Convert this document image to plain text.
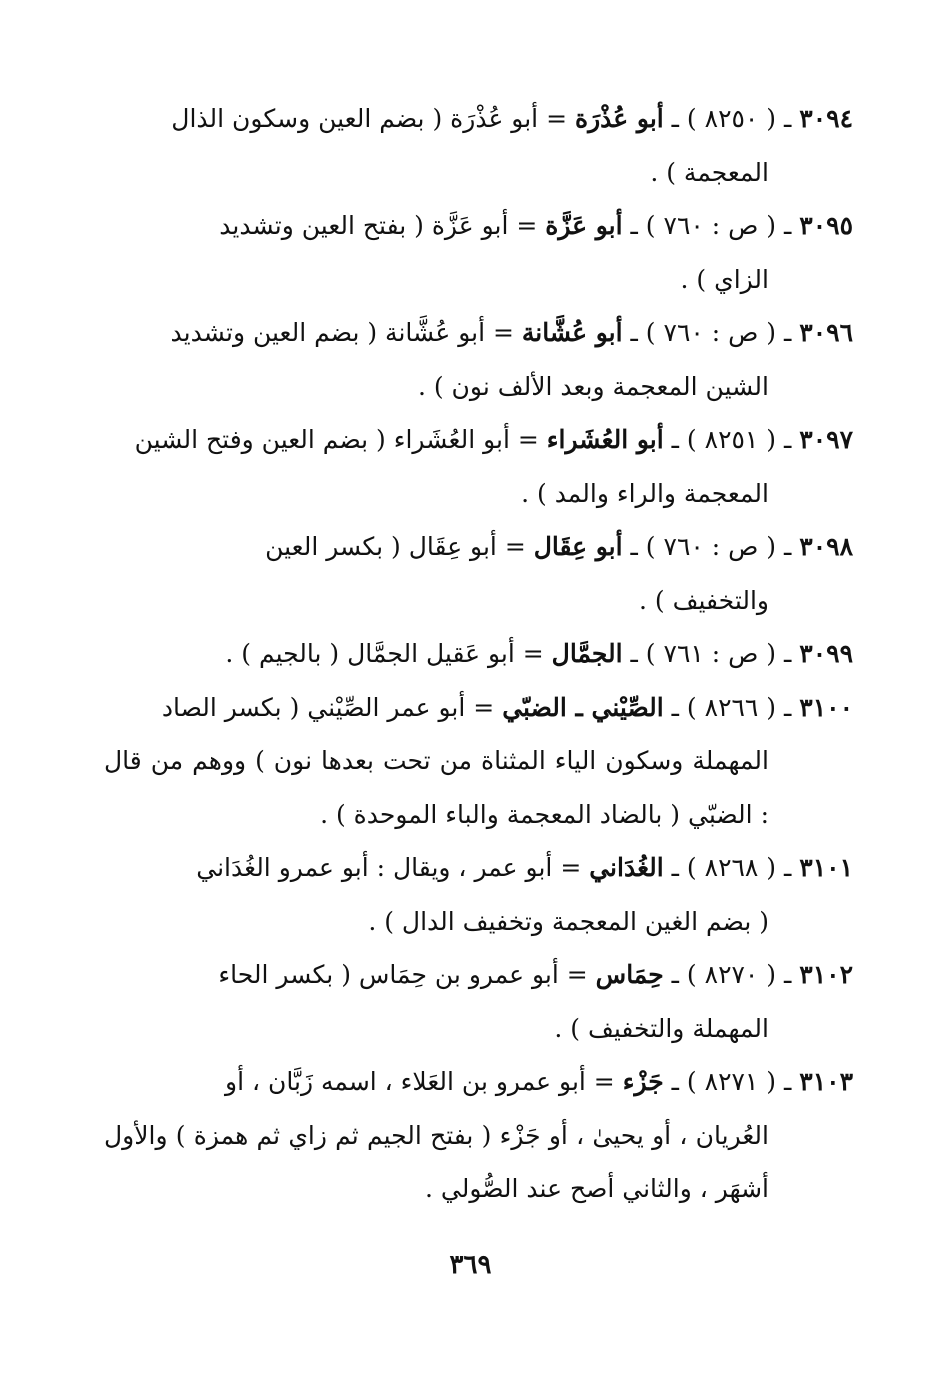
٣٠٩٤ ـ ( ٨٢٥٠ ) ـ أبو عُذْرَة = أبو عُذْرَة ( بضم العين وسكون الذال
المعجمة ) .
٣٠٩٥ ـ ( ص : ٧٦٠ ) ـ أبو عَزَّة = أبو عَزَّة ( بفتح العين وتشديد
الزاي ) .
٣٠٩٦ ـ ( ص : ٧٦٠ ) ـ أبو عُشَّانة = أبو عُشَّانة ( بضم العين وتشديد
الشين المعجمة وبعد الألف نون ) .
٣٠٩٧ ـ ( ٨٢٥١ ) ـ أبو العُشَراء = أبو العُشَراء ( بضم العين وفتح الشين
المعجمة والراء والمد ) .
٣٠٩٨ ـ ( ص : ٧٦٠ ) ـ أبو عِقَال = أبو عِقَال ( بكسر العين
والتخفيف ) .
٣٠٩٩ ـ ( ص : ٧٦١ ) ـ الجمَّال = أبو عَقيل الجمَّال ( بالجيم ) .
٣١٠٠ ـ ( ٨٢٦٦ ) ـ الصِّيْني ـ الضبّي = أبو عمر الصِّيْني ( بكسر الصاد
المهملة وسكون الياء المثناة من تحت بعدها نون ) ووهم من قال : الضبّي ( بالضاد المعجمة والباء الموحدة ) .
٣١٠١ ـ ( ٨٢٦٨ ) ـ الغُدَاني = أبو عمر ، ويقال : أبو عمرو الغُدَاني
( بضم الغين المعجمة وتخفيف الدال ) .
٣١٠٢ ـ ( ٨٢٧٠ ) ـ حِمَاس = أبو عمرو بن حِمَاس ( بكسر الحاء
المهملة والتخفيف ) .
٣١٠٣ ـ ( ٨٢٧١ ) ـ جَزْء = أبو عمرو بن العَلاء ، اسمه زَبَّان ، أو
العُريان ، أو يحيىٰ ، أو جَزْء ( بفتح الجيم ثم زاي ثم همزة ) والأول أشهَر ، والثاني أصح عند الصُّولي .
٣٦٩
